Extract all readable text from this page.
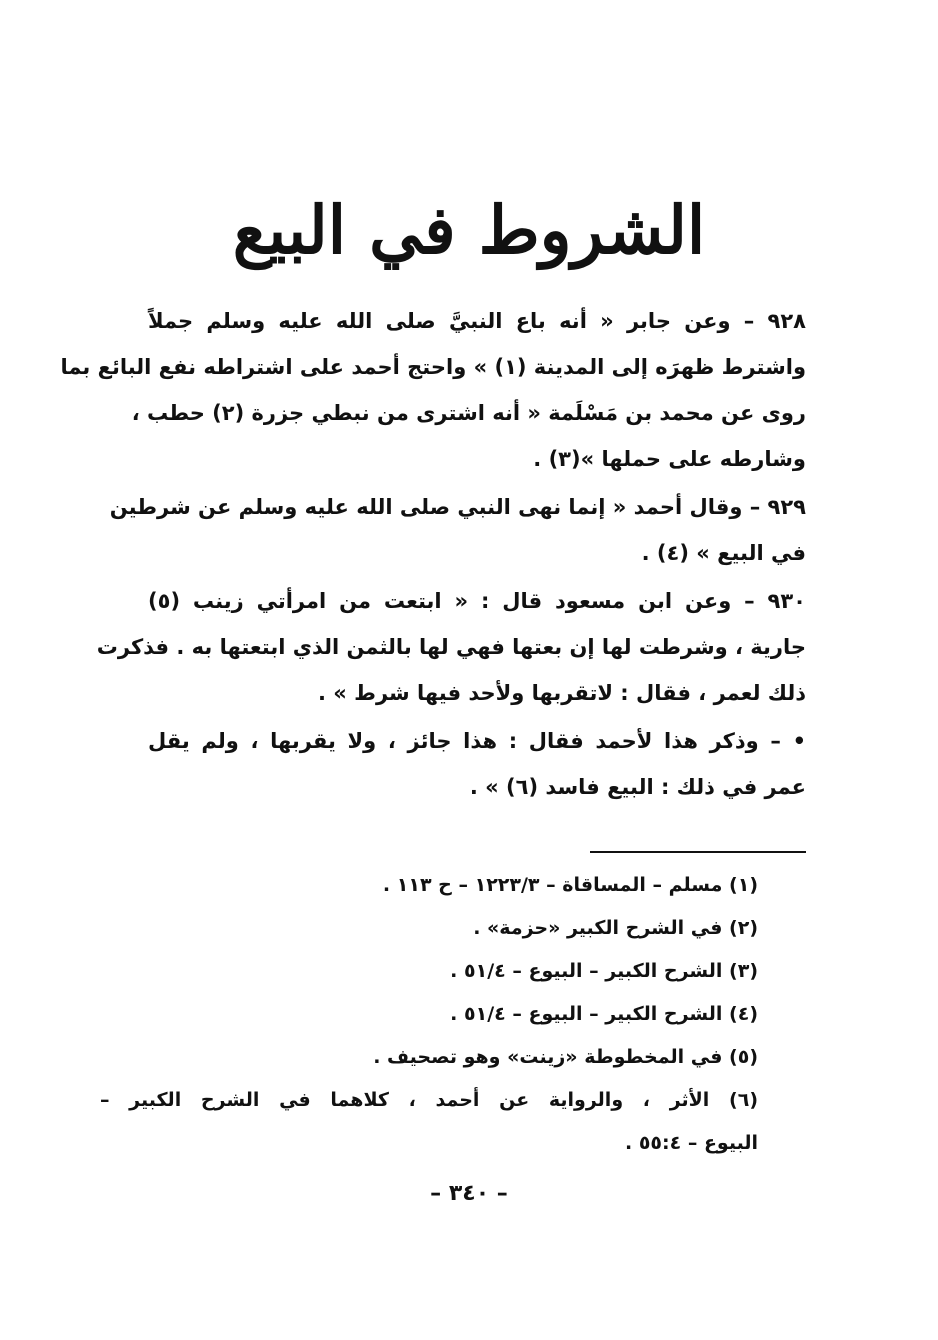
الشروط في البيع
٩٢٨ – وعن جابر « أنه باع النبيَّ صلى الله عليه وسلم جملاً
واشترط ظهرَه إلى المدينة (١) » واحتج أحمد على اشتراطه نفع البائع بما
روى عن محمد بن مَسْلَمة « أنه اشترى من نبطي جزرة (٢) حطب ،
وشارطه على حملها »(٣) .
٩٢٩ – وقال أحمد « إنما نهى النبي صلى الله عليه وسلم عن شرطين
في البيع » (٤) .
٩٣٠ – وعن ابن مسعود قال : « ابتعت من امرأتي زينب (٥)
جارية ، وشرطت لها إن بعتها فهي لها بالثمن الذي ابتعتها به . فذكرت
ذلك لعمر ، فقال : لاتقربها ولأحد فيها شرط » .
• – وذكر هذا لأحمد فقال : هذا جائز ، ولا يقربها ، ولم يقل
عمر في ذلك : البيع فاسد (٦) » .
(١) مسلم – المساقاة – ١٢٢٣/٣ – ح ١١٣ .
(٢) في الشرح الكبير «حزمة» .
(٣) الشرح الكبير – البيوع – ٥١/٤ .
(٤) الشرح الكبير – البيوع – ٥١/٤ .
(٥) في المخطوطة «زينت» وهو تصحيف .
(٦) الأثر ، والرواية عن أحمد ، كلاهما في الشرح الكبير –
البيوع – ٥٥:٤ .
– ٣٤٠ –
